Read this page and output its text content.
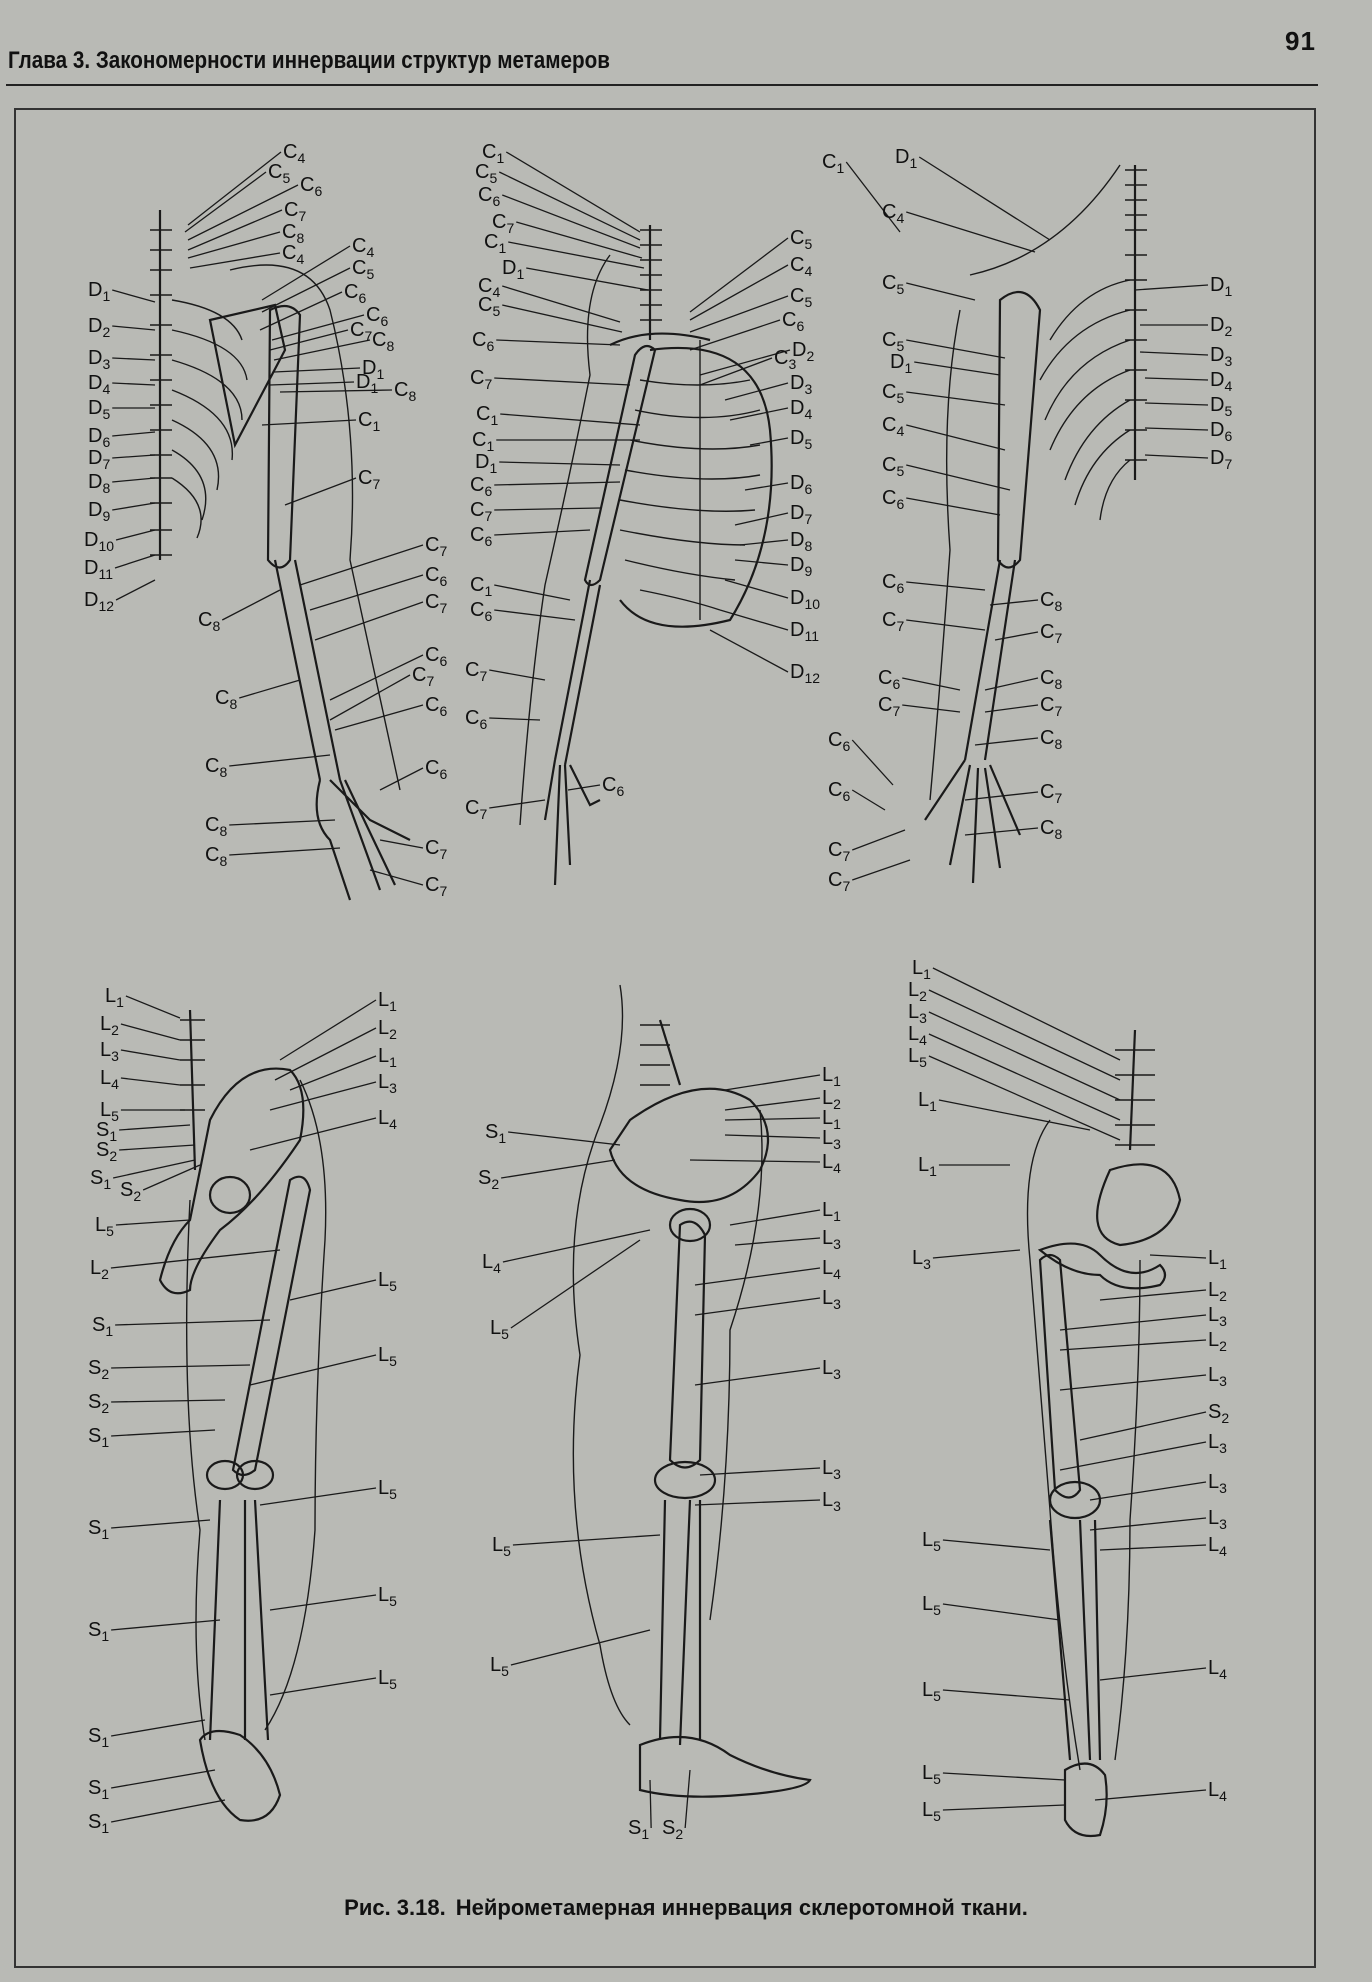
91
Глава 3. Закономерности иннервации структур метамеров
$C_4$
$C_5$ $C_6$
$C_7$
$C_8$
$C_4$
$C_4$
$C_5$
$C_6$
$C_6$
$C_7$ $C_8$
$D_1$
$D_1$ $C_8$
$C_1$
$C_7$
$D_1$
$D_2$
$D_3$
$D_4$
$D_5$
$D_6$
$D_7$
$D_8$
$D_9$
$D_{10}$
$D_{11}$
$D_{12}$
$C_7$
$C_6$
$C_7$
$C_8$
$C_6$
$C_7$
$C_6$
$C_8$
$C_8$	$C_6$
$C_8$
$C_8$
$C_7$
$C_7$
$C_1$
$C_5$
$C_6$
$C_7$
$C_1$
$D_1$
$C_4$
$C_5$
$C_6$
$C_7$
$C_1$
$C_1$
$D_1$
$C_6$
$C_7$
$C_6$
$C_1$
$C_6$
$C_7$
$C_6$
$C_7$
$C_6$
$C_5$
$C_4$
$C_5$
$C_6$
$D_2$
$C_3$
$D_3$
$D_4$
$D_5$
$D_6$
$D_7$
$D_8$
$D_9$
$D_{10}$
$D_{11}$
$D_{12}$
$C_1$	$D_1$
$C_4$
$C_5$	$D_1$
$D_2$
$D_3$
$D_4$
$D_5$
$D_6$
$D_7$
$C_5$
$D_1$
$C_5$
$C_4$
$C_5$
$C_6$
$C_6$
$C_8$
$C_7$	$C_7$
$C_6$	$C_8$
$C_7$	$C_7$
$C_8$
$C_6$
$C_6$	$C_7$
$C_8$
$C_7$
$C_7$
$L_1$
$L_2$
$L_3$
$L_4$
$L_5$
$S_1$
$S_2$
$S_1$ $S_2$
$L_1$
$L_2$
$L_1$
$L_3$
$L_4$
$L_5$
$L_2$	$L_5$
$S_1$
$L_5$
$S_2$
$S_2$
$S_1$
$L_5$
$S_1$
$L_5$
$S_1$
$L_5$
$S_1$
$S_1$
$S_1$
$S_1$
$S_2$
$L_1$
$L_2$
$L_1$
$L_3$
$L_4$
$L_1$
$L_3$
$L_4$	$L_4$
$L_3$
$L_5$
$L_3$
$L_3$
$L_3$
$L_5$
$L_5$
$S_1$ $S_2$
$L_1$
$L_2$
$L_3$
$L_4$
$L_5$
$L_1$
$L_1$
$L_3$	$L_1$
$L_2$
$L_3$
$L_2$
$L_3$
$S_2$
$L_3$
$L_3$
$L_3$
$L_4$
$L_5$
$L_5$
$L_4$
$L_5$
$L_5$	$L_4$
$L_5$
Рис. 3.18. Нейрометамерная иннервация склеротомной ткани.
